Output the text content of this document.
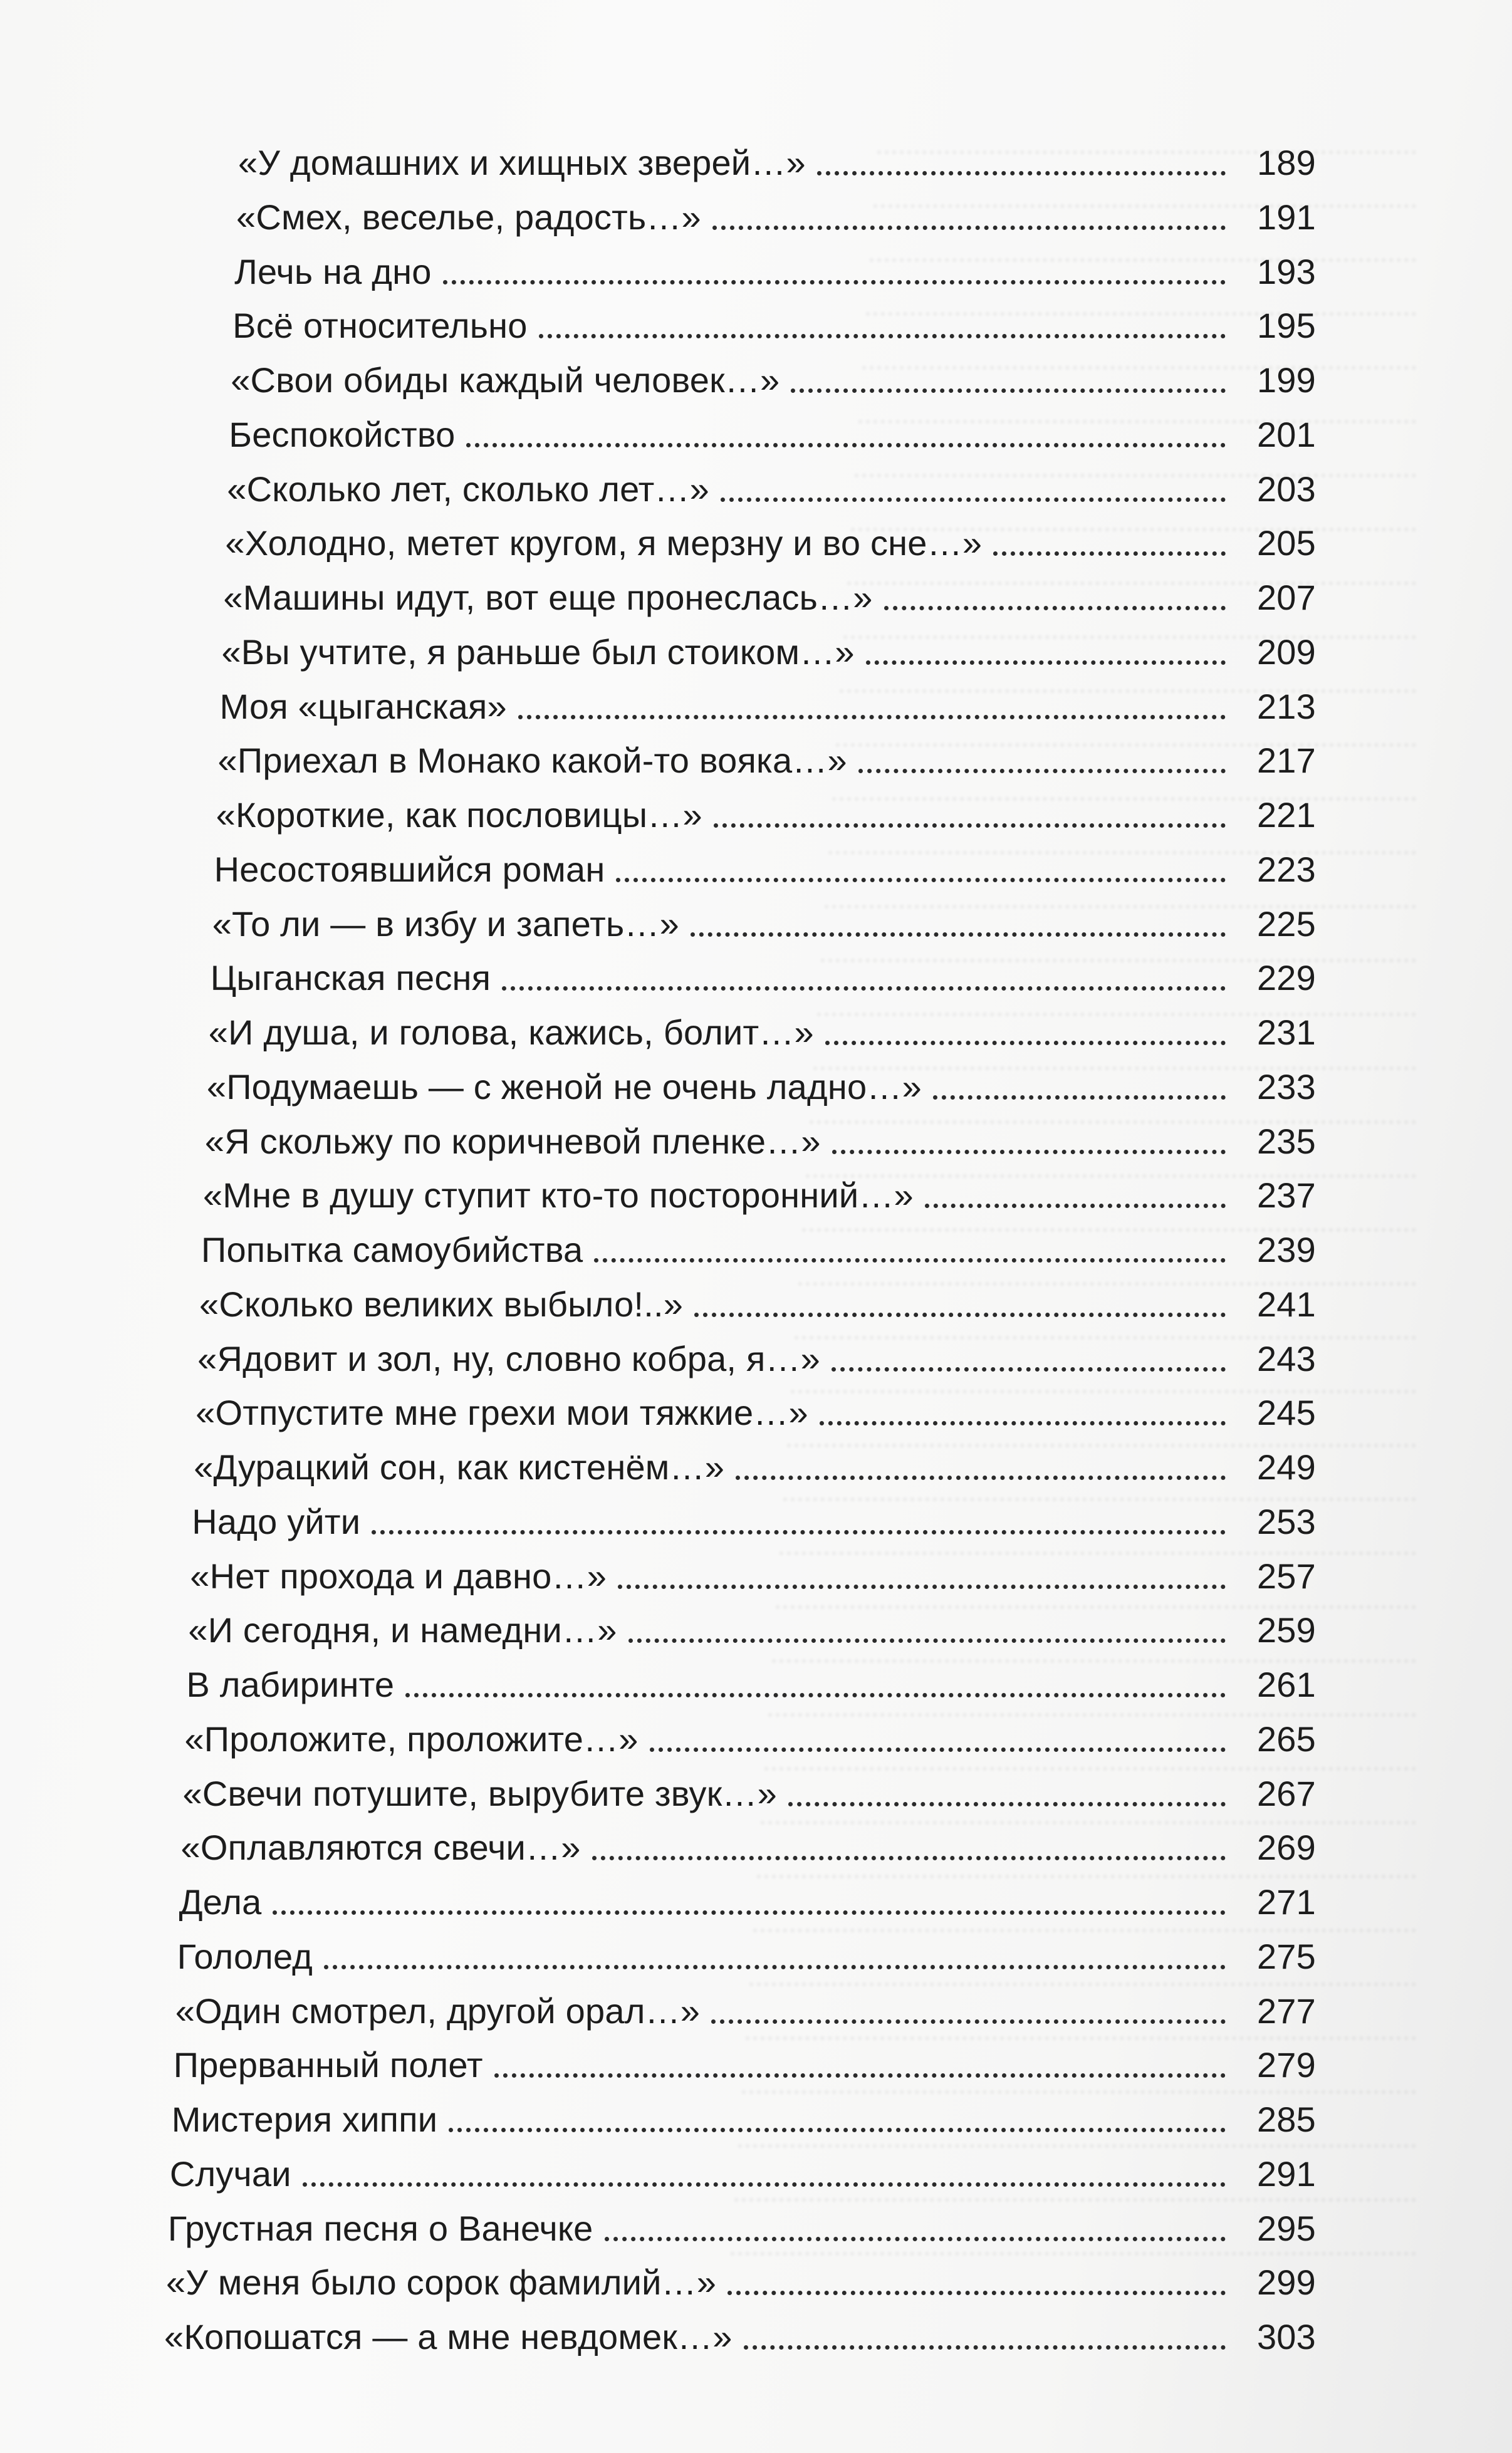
«У домашних и хищных зверей…»	189
«Смех, веселье, радость…»	191
Лечь на дно	193
Всё относительно	195
«Свои обиды каждый человек…»	199
Беспокойство	201
«Сколько лет, сколько лет…»	203
«Холодно, метет кругом, я мерзну и во сне…»	205
«Машины идут, вот еще пронеслась…»	207
«Вы учтите, я раньше был стоиком…»	209
Моя «цыганская»	213
«Приехал в Монако какой-то вояка…»	217
«Короткие, как пословицы…»	221
Несостоявшийся роман	223
«То ли — в избу и запеть…»	225
Цыганская песня	229
«И душа, и голова, кажись, болит…»	231
«Подумаешь — с женой не очень ладно…»	233
«Я скольжу по коричневой пленке…»	235
«Мне в душу ступит кто-то посторонний…»	237
Попытка самоубийства	239
«Сколько великих выбыло!..»	241
«Ядовит и зол, ну, словно кобра, я…»	243
«Отпустите мне грехи мои тяжкие…»	245
«Дурацкий сон, как кистенём…»	249
Надо уйти	253
«Нет прохода и давно…»	257
«И сегодня, и намедни…»	259
В лабиринте	261
«Проложите, проложите…»	265
«Свечи потушите, вырубите звук…»	267
«Оплавляются свечи…»	269
Дела	271
Гололед	275
«Один смотрел, другой орал…»	277
Прерванный полет	279
Мистерия хиппи	285
Случаи	291
Грустная песня о Ванечке	295
«У меня было сорок фамилий…»	299
«Копошатся — а мне невдомек…»	303
